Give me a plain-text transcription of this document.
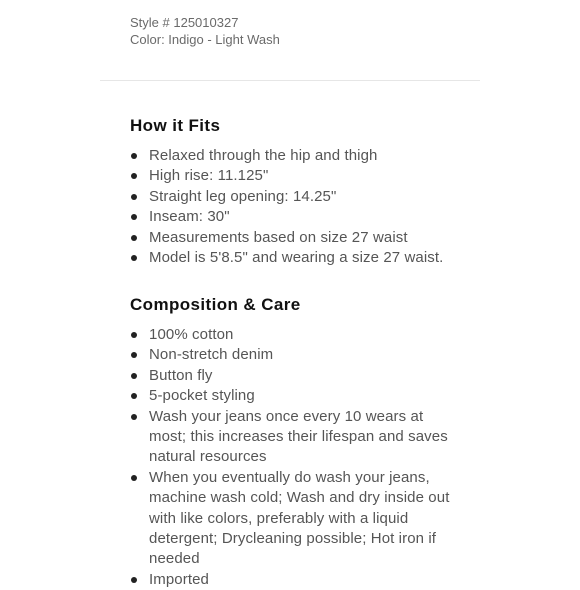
Style # 125010327
Color: Indigo - Light Wash
How it Fits
Relaxed through the hip and thigh
High rise: 11.125"
Straight leg opening: 14.25"
Inseam: 30"
Measurements based on size 27 waist
Model is 5'8.5" and wearing a size 27 waist.
Composition & Care
100% cotton
Non-stretch denim
Button fly
5-pocket styling
Wash your jeans once every 10 wears at most; this increases their lifespan and saves natural resources
When you eventually do wash your jeans, machine wash cold; Wash and dry inside out with like colors, preferably with a liquid detergent; Drycleaning possible; Hot iron if needed
Imported
